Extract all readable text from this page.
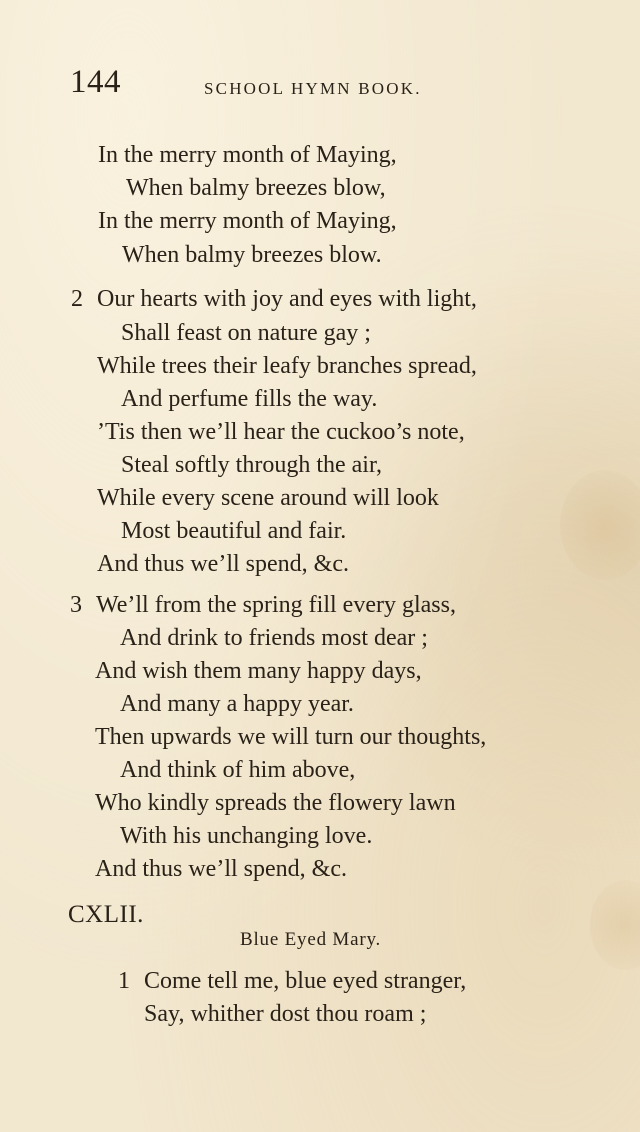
144	SCHOOL HYMN BOOK.
In the merry month of Maying,
When balmy breezes blow,
In the merry month of Maying,
When balmy breezes blow.
2 Our hearts with joy and eyes with light,
Shall feast on nature gay ;
While trees their leafy branches spread,
And perfume fills the way.
’Tis then we’ll hear the cuckoo’s note,
Steal softly through the air,
While every scene around will look
Most beautiful and fair.
And thus we’ll spend, &c.
3 We’ll from the spring fill every glass,
And drink to friends most dear ;
And wish them many happy days,
And many a happy year.
Then upwards we will turn our thoughts,
And think of him above,
Who kindly spreads the flowery lawn
With his unchanging love.
And thus we’ll spend, &c.
CXLII.
Blue Eyed Mary.
1 Come tell me, blue eyed stranger,
Say, whither dost thou roam ;
